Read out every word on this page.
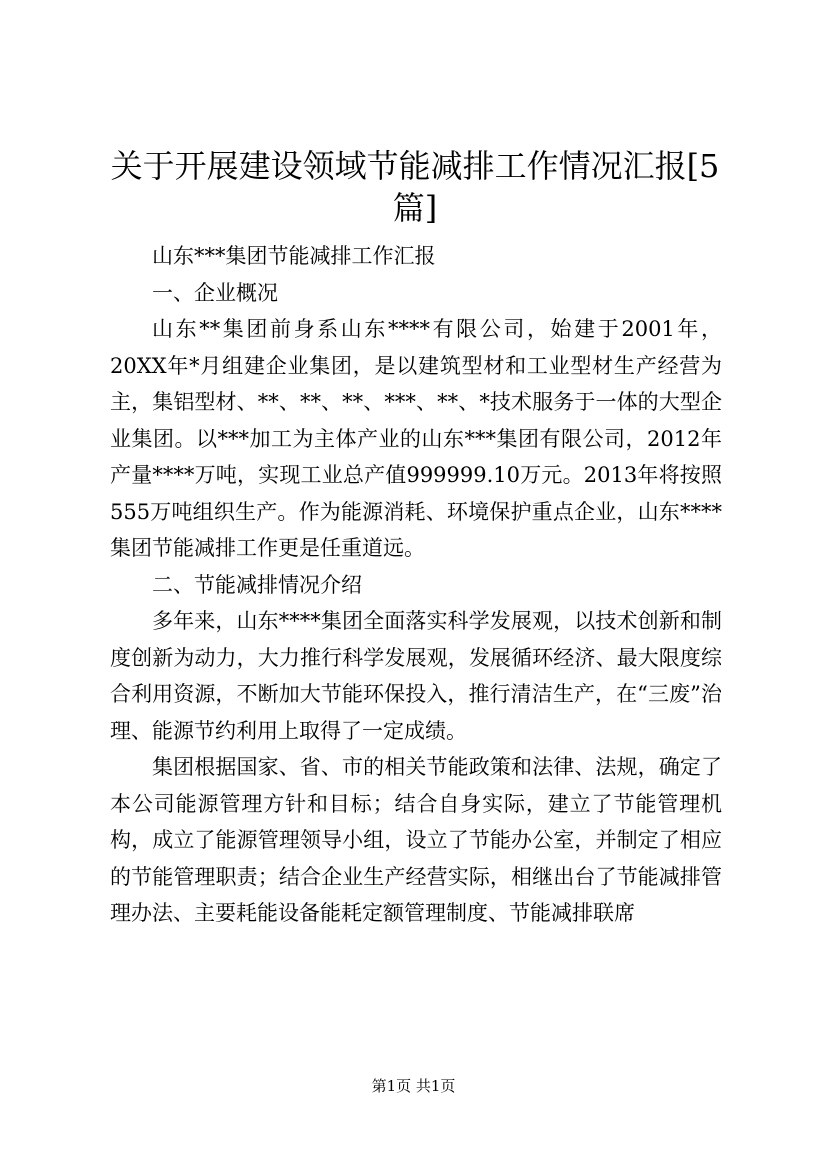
关于开展建设领域节能减排工作情况汇报[5篇]

山东***集团节能减排工作汇报

一、企业概况

山东**集团前身系山东****有限公司，始建于2001年，20XX年*月组建企业集团，是以建筑型材和工业型材生产经营为主，集铝型材、**、**、**、***、**、*技术服务于一体的大型企业集团。以***加工为主体产业的山东***集团有限公司，2012年产量****万吨，实现工业总产值999999.10万元。2013年将按照555万吨组织生产。作为能源消耗、环境保护重点企业，山东****集团节能减排工作更是任重道远。

二、节能减排情况介绍

多年来，山东****集团全面落实科学发展观，以技术创新和制度创新为动力，大力推行科学发展观，发展循环经济、最大限度综合利用资源，不断加大节能环保投入，推行清洁生产，在“三废”治理、能源节约利用上取得了一定成绩。

集团根据国家、省、市的相关节能政策和法律、法规，确定了本公司能源管理方针和目标；结合自身实际，建立了节能管理机构，成立了能源管理领导小组，设立了节能办公室，并制定了相应的节能管理职责；结合企业生产经营实际，相继出台了节能减排管理办法、主要耗能设备能耗定额管理制度、节能减排联席

第1页 共1页
